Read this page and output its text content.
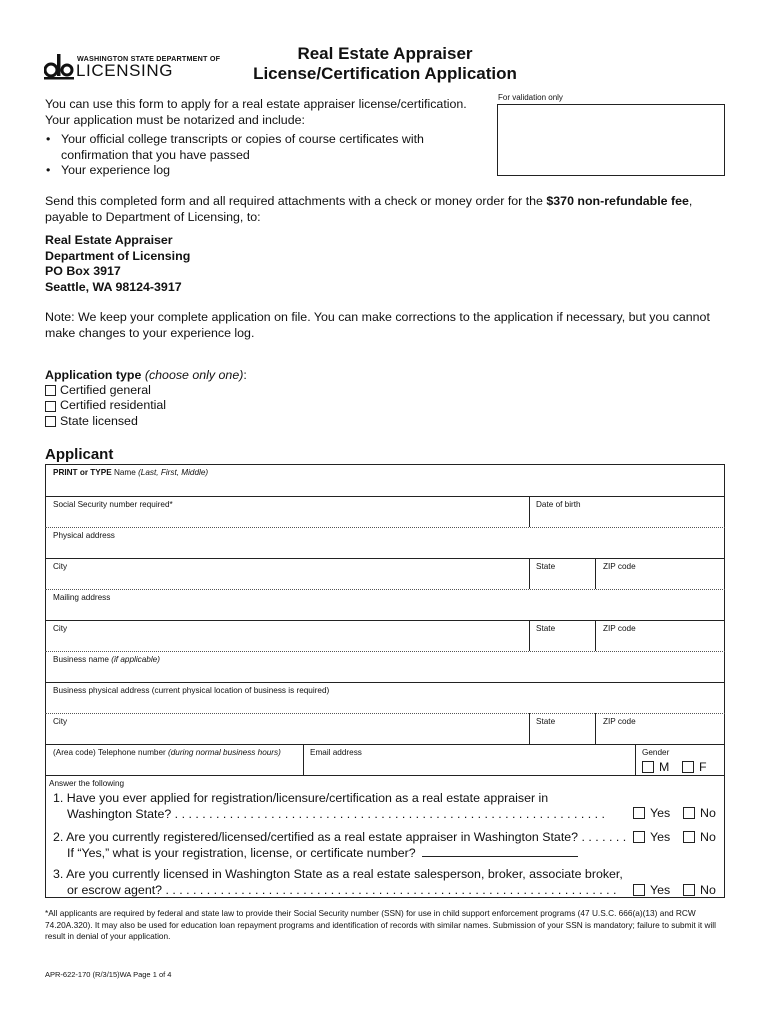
WASHINGTON STATE DEPARTMENT OF
LICENSING
Real Estate Appraiser
License/Certification Application
For validation only
You can use this form to apply for a real estate appraiser license/certification.
Your application must be notarized and include:
• Your official college transcripts or copies of course certificates with confirmation that you have passed
• Your experience log
Send this completed form and all required attachments with a check or money order for the $370 non-refundable fee, payable to Department of Licensing, to:
Real Estate Appraiser
Department of Licensing
PO Box 3917
Seattle, WA 98124-3917
Note: We keep your complete application on file. You can make corrections to the application if necessary, but you cannot make changes to your experience log.
Application type (choose only one):
Certified general
Certified residential
State licensed
Applicant
PRINT or TYPE Name (Last, First, Middle)
Social Security number required*	Date of birth
Physical address
City	State	ZIP code
Mailing address
City	State	ZIP code
Business name (if applicable)
Business physical address (current physical location of business is required)
City	State	ZIP code
(Area code) Telephone number (during normal business hours)	Email address	Gender
M F
Answer the following
1. Have you ever applied for registration/licensure/certification as a real estate appraiser in
Washington State? . . . . . . . . . . . . . . . . . . . . . . . . . . . . . . . . . . . . . . . . . . . . . . . . . . . . . . . . . . . . . . .	Yes No
2. Are you currently registered/licensed/certified as a real estate appraiser in Washington State? . . . . . . .
If “Yes,” what is your registration, license, or certificate number?
Yes No
3. Are you currently licensed in Washington State as a real estate salesperson, broker, associate broker,
or escrow agent? . . . . . . . . . . . . . . . . . . . . . . . . . . . . . . . . . . . . . . . . . . . . . . . . . . . . . . . . . . . . . . . . . .	Yes No
*All applicants are required by federal and state law to provide their Social Security number (SSN) for use in child support enforcement programs (47 U.S.C. 666(a)(13) and RCW 74.20A.320). It may also be used for education loan repayment programs and identification of records with similar names. Submission of your SSN is mandatory; failure to submit it will result in denial of your application.
APR-622-170 (R/3/15)WA Page 1 of 4
